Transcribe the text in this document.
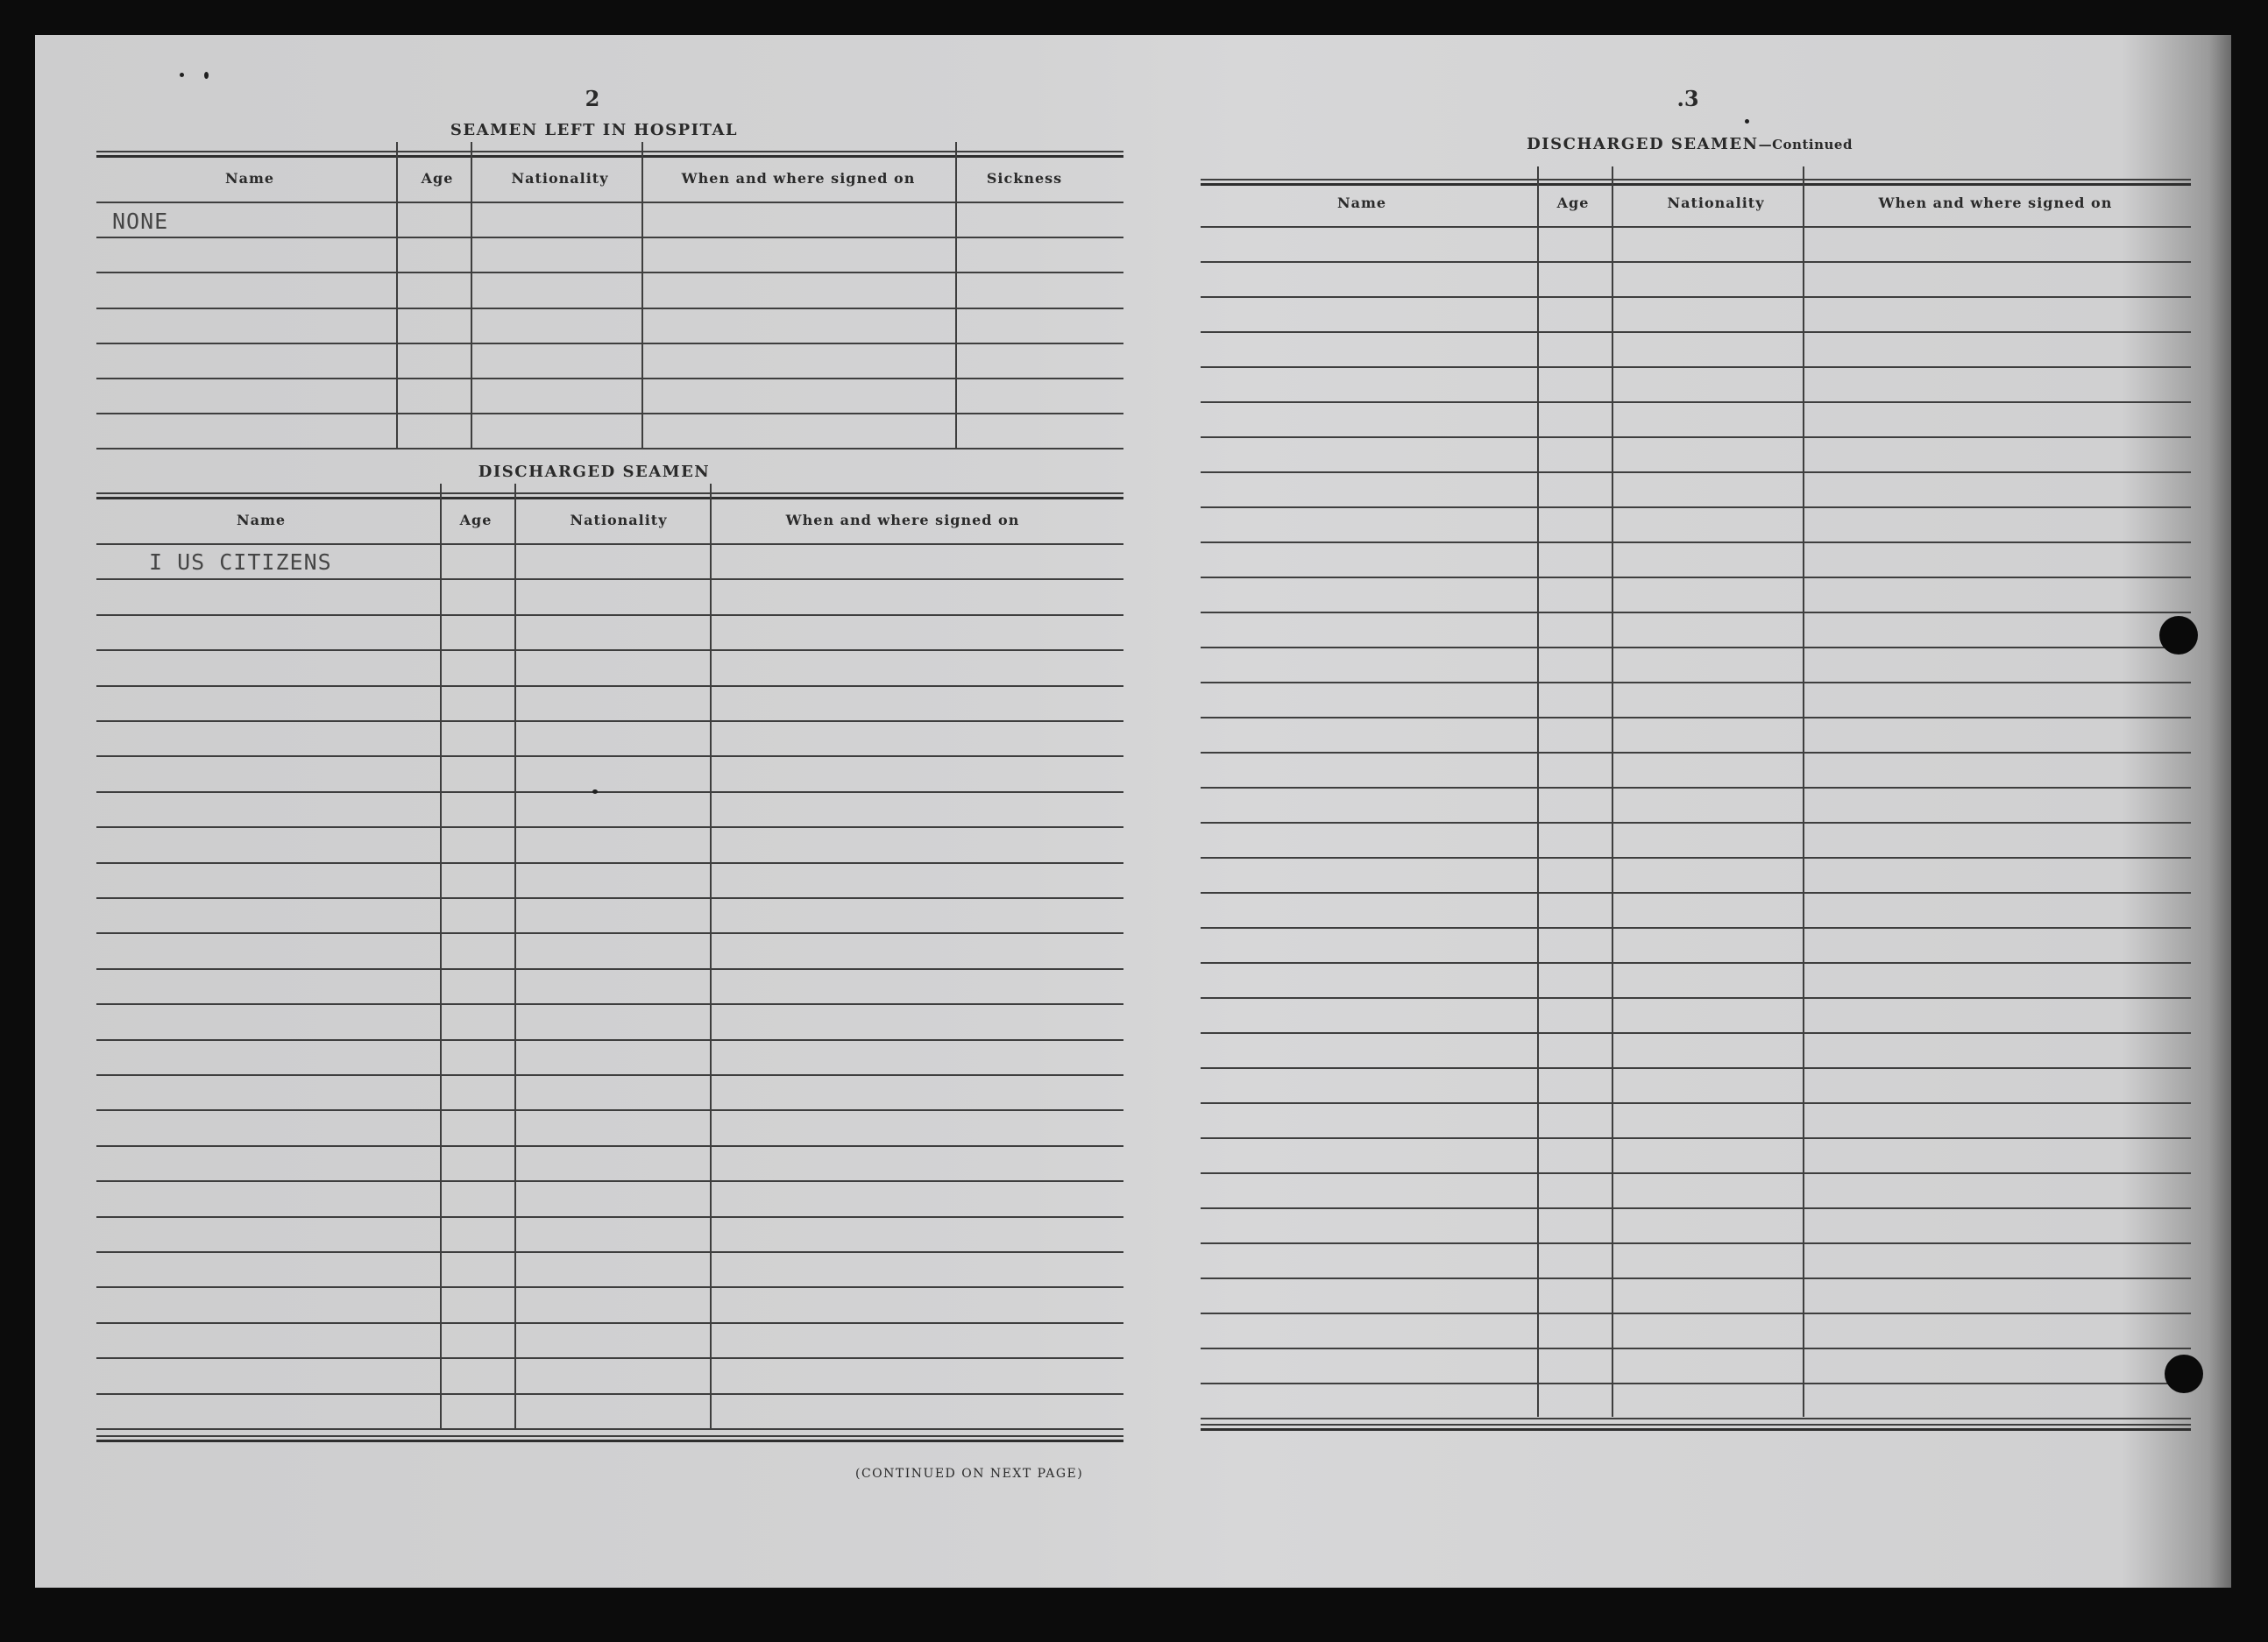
2
SEAMEN LEFT IN HOSPITAL
Name	Age	Nationality	When and where signed on	Sickness
NONE
DISCHARGED SEAMEN
Name	Age	Nationality	When and where signed on
I US CITIZENS
(CONTINUED ON NEXT PAGE)
.3
DISCHARGED SEAMEN—Continued
Name	Age	Nationality	When and where signed on
